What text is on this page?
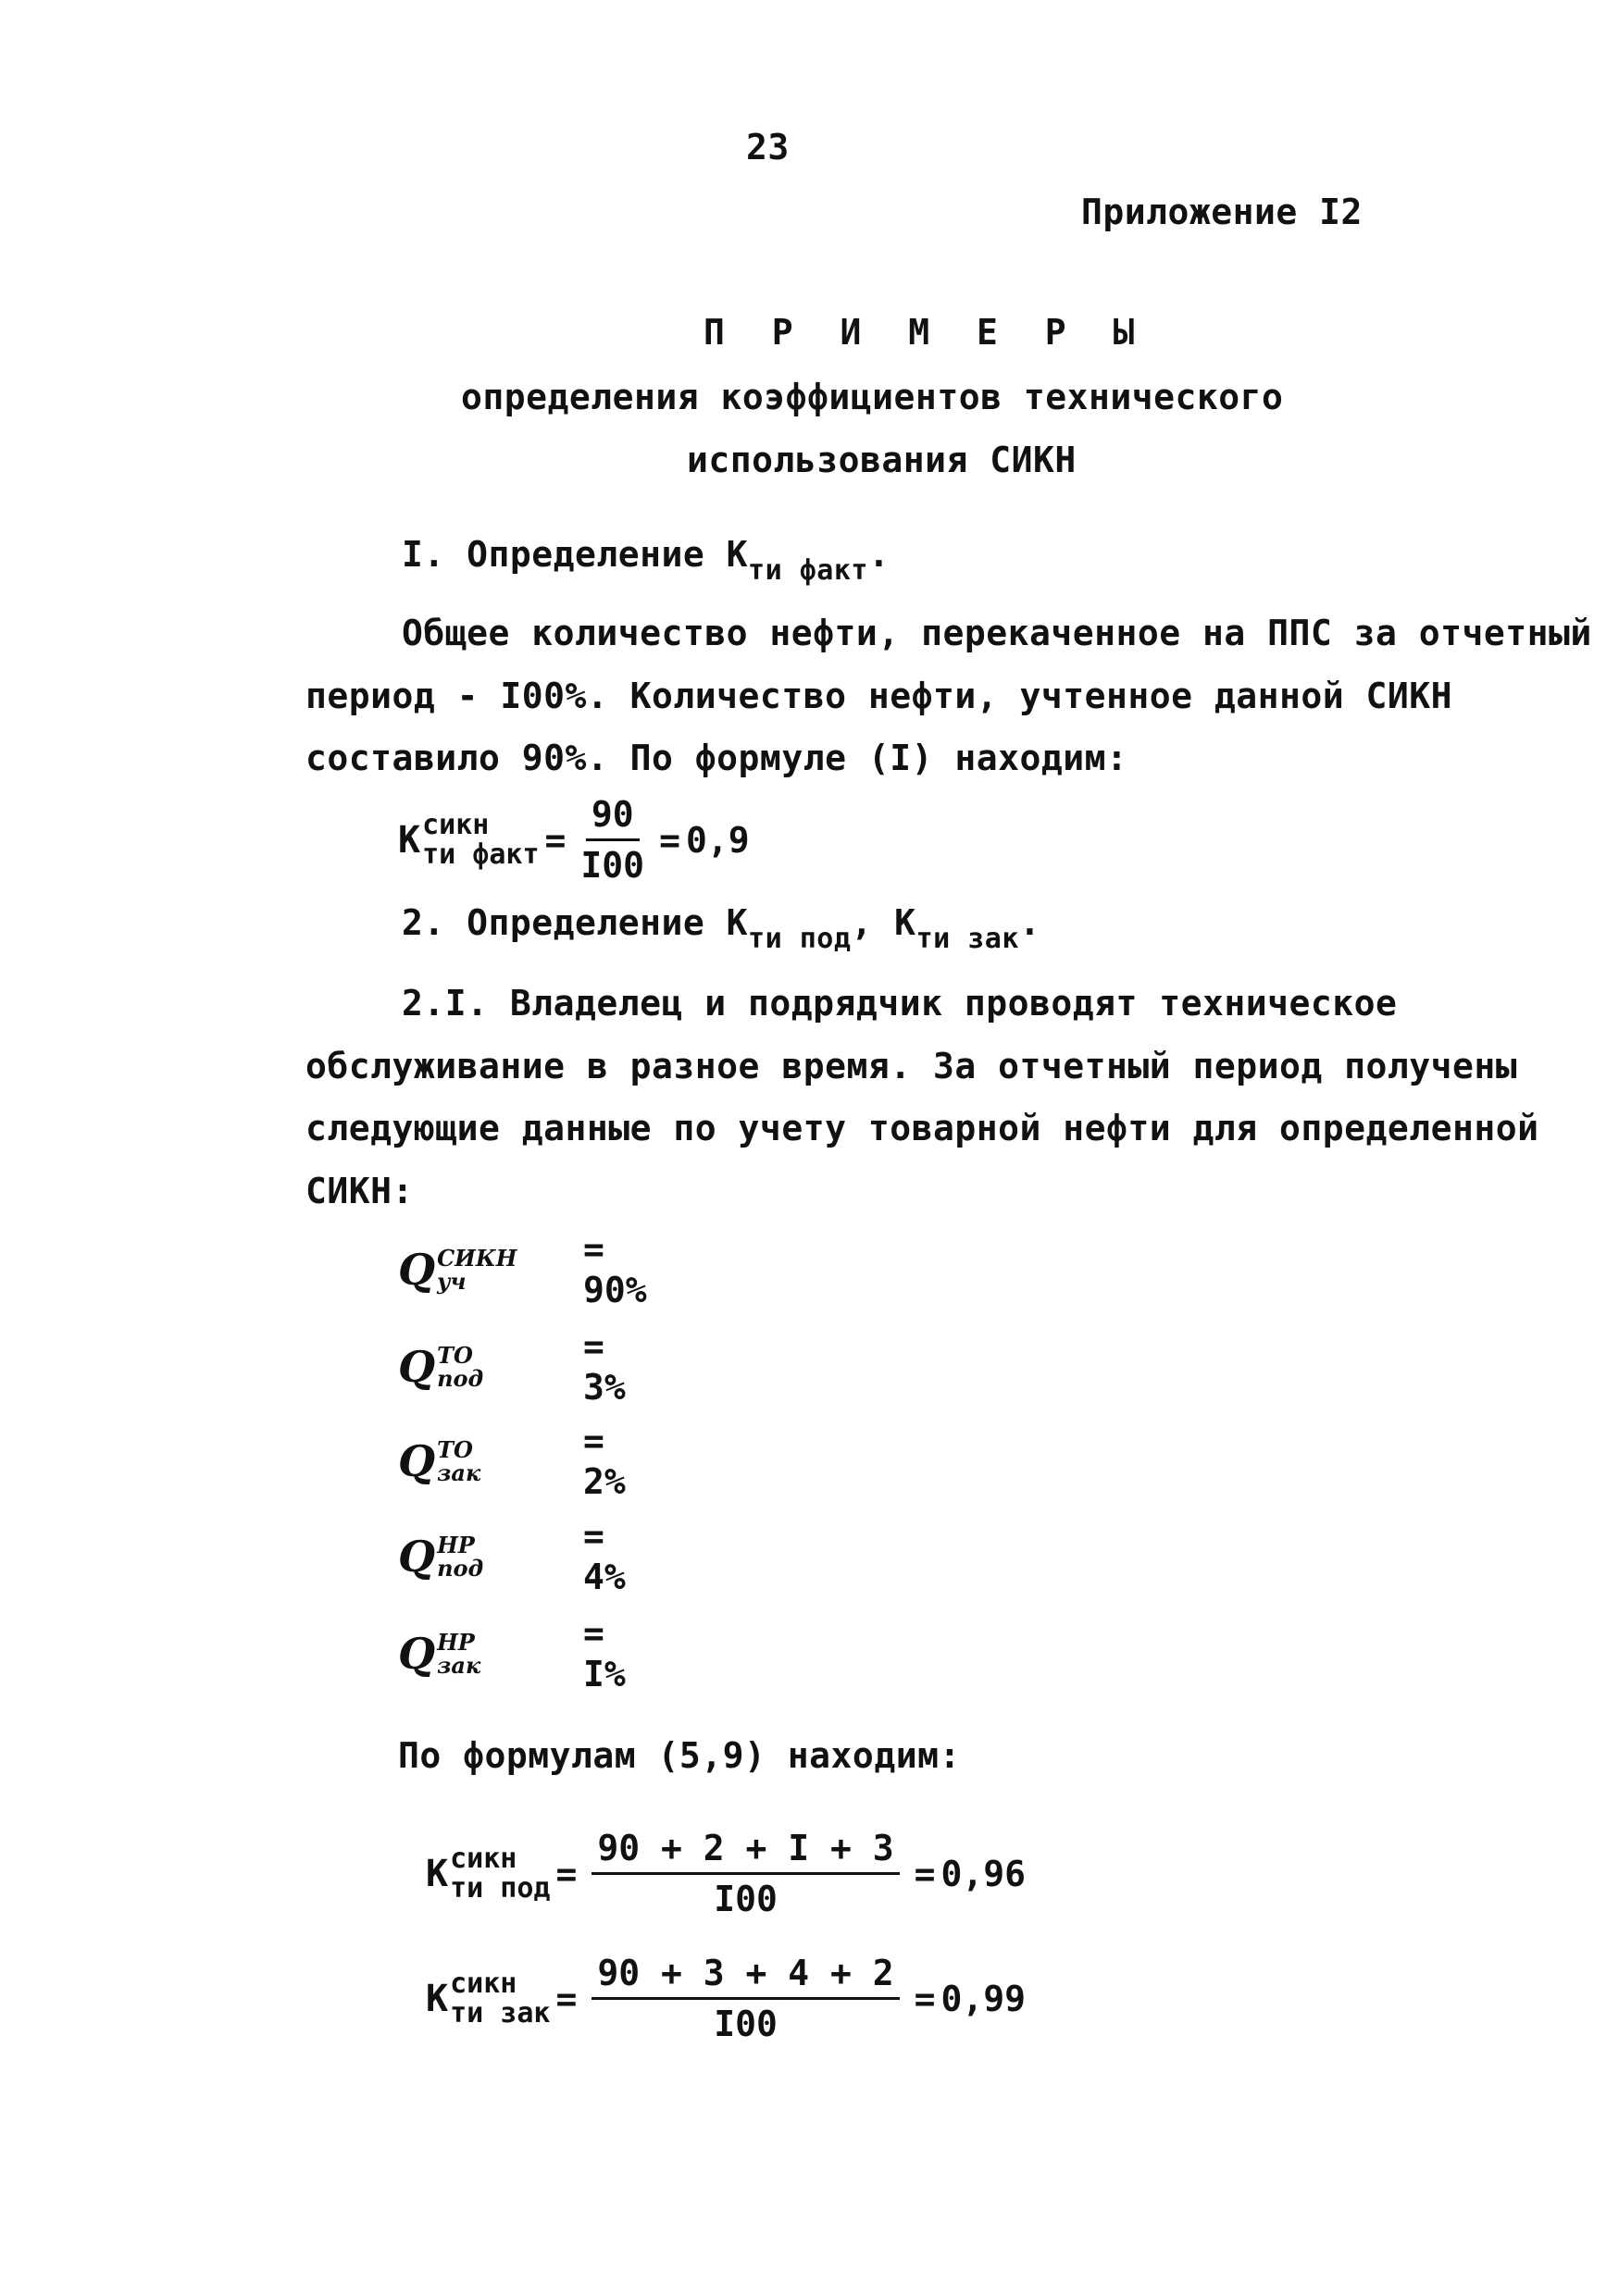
23
Приложение I2
П Р И М Е Р Ы
определения коэффициентов технического
использования СИКН
I. Определение $К_{ти факт}$.
Общее количество нефти, перекаченное на ППС за отчетный
период - I00%. Количество нефти, учтенное данной СИКН
составило 90%. По формуле (I) находим:
К сикн
ти факт = $\frac{90}{I00} = 0,9$
2. Определение $К_{ти под}$, $К_{ти зак}$.
2.I. Владелец и подрядчик проводят техническое
обслуживание в разное время. За отчетный период получены
следующие данные по учету товарной нефти для определенной
СИКН:
Q СИКН
уч
= 90%
Q ТО
под
= 3%
Q ТО
зак
= 2%
Q НР
под
= 4%
Q НР
зак
= I%
По формулам (5,9) находим:
К сикн
ти под = $\frac{90 + 2 + I + 3}{I00} = 0,96$
К сикн
ти зак = $\frac{90 + 3 + 4 + 2}{I00} = 0,99$
